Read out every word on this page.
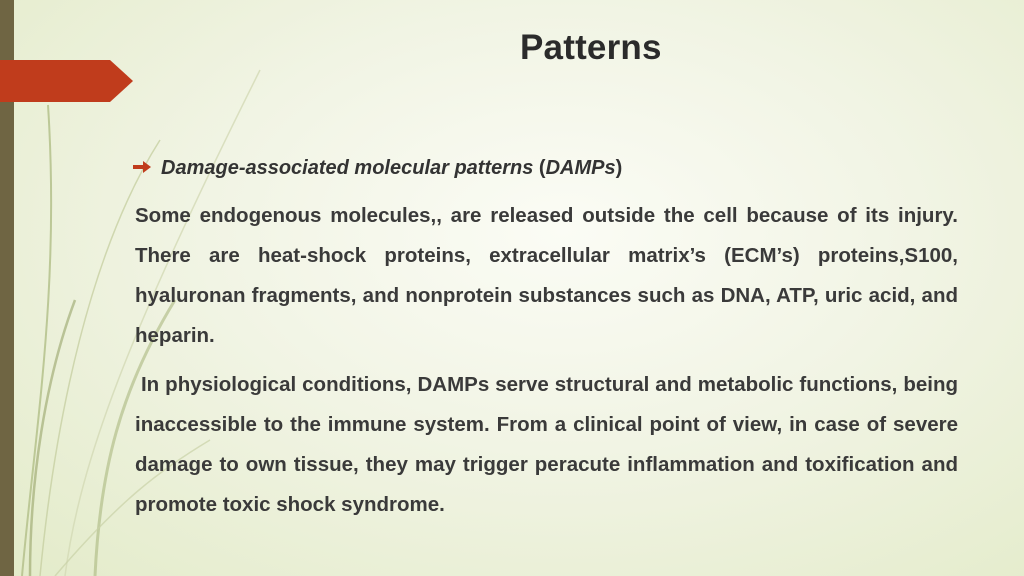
Patterns
Damage-associated molecular patterns (DAMPs)

Some endogenous molecules,, are released outside the cell because of its injury. There are heat-shock proteins, extracellular matrix’s (ECM’s) proteins,S100, hyaluronan fragments, and nonprotein substances such as DNA, ATP, uric acid, and heparin.

In physiological conditions, DAMPs serve structural and metabolic functions, being inaccessible to the immune system. From a clinical point of view, in case of severe damage to own tissue, they may trigger peracute inflammation and toxification and promote toxic shock syndrome.
